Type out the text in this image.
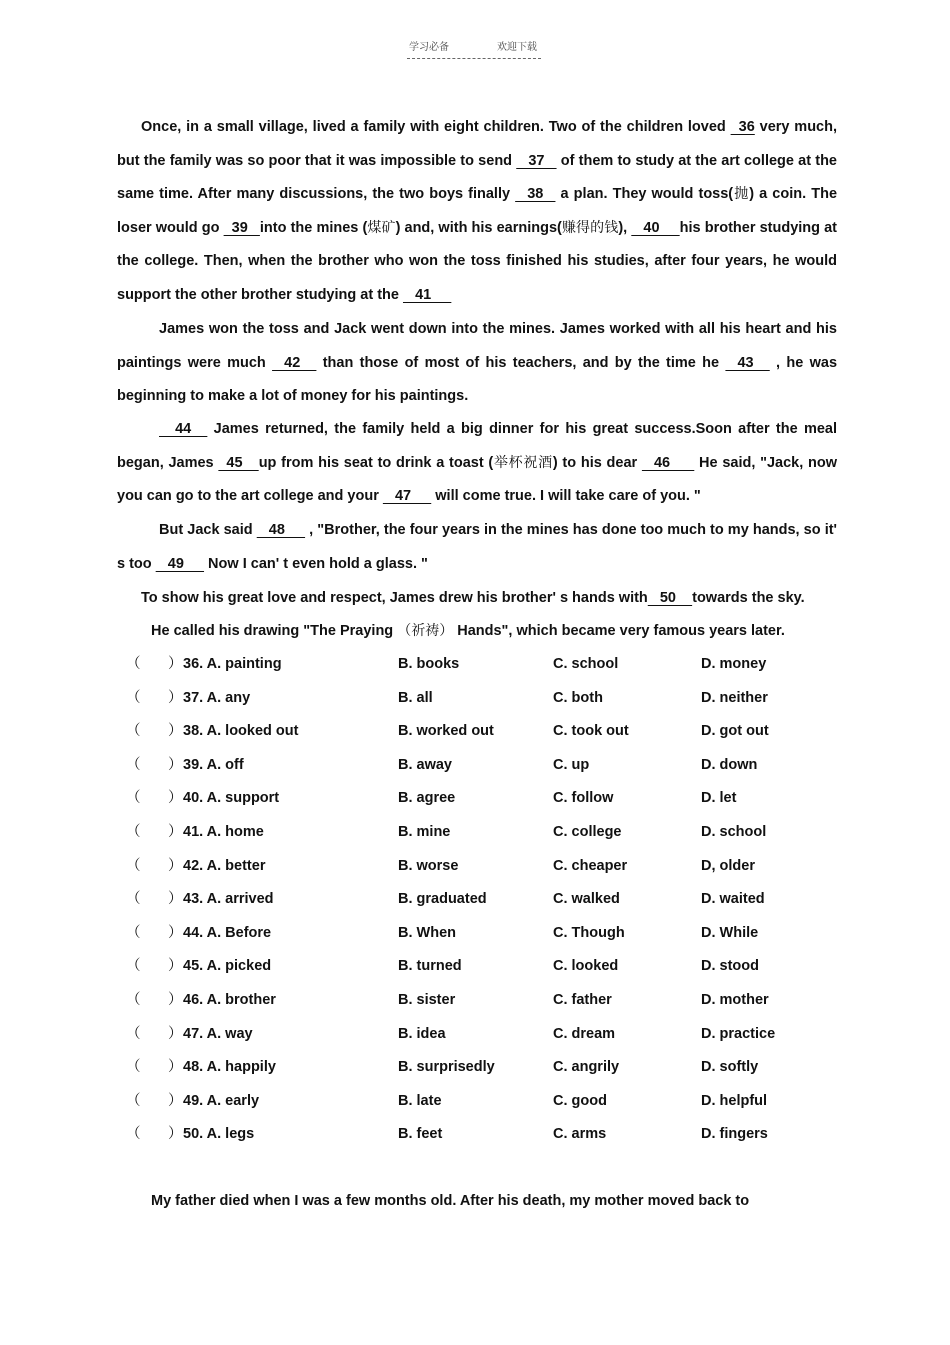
学习必备	欢迎下载
Once, in a small village, lived a family with eight children. Two of the children loved   36 very much, but the family was so poor that it was impossible to send    37    of them to study at the art college at the same time. After many discussions, the two boys finally    38    a plan. They would toss(抛) a coin. The loser would go   39   into the mines (煤矿) and, with his earnings(赚得的钱),    40     his brother studying at the college. Then, when the brother who won the toss finished his studies, after four years, he would support the other brother studying at the    41
James won the toss and Jack went down into the mines. James worked with all his heart and his paintings were much    42     than those of most of his teachers, and by the time he    43     , he was beginning to make a lot of money for his paintings.
44     James returned, the family held a big dinner for his great success.Soon after the meal began, James   45    up from his seat to drink a toast (举杯祝酒) to his dear    46       He said, "Jack, now you can go to the art college and your    47      will come true. I will take care of you. "
But Jack said    48      , "Brother, the four years in the mines has done too much to my hands, so it' s too    49      Now I can' t even hold a glass. "
To show his great love and respect, James drew his brother' s hands with   50    towards the sky.
He called his drawing "The Praying （祈祷） Hands", which became very famous years later.
（ ） 36. A. painting	B. books	C. school	D. money
（ ） 37. A. any	B. all	C. both	D. neither
（ ） 38. A. looked out	B. worked out	C. took out	D. got out
（ ） 39. A. off	B. away	C. up	D. down
（ ） 40. A. support	B. agree	C. follow	D. let
（ ） 41. A. home	B. mine	C. college	D. school
（ ） 42. A. better	B. worse	C. cheaper	D, older
（ ） 43. A. arrived	B. graduated	C. walked	D. waited
（ ） 44. A. Before	B. When	C. Though	D. While
（ ） 45. A. picked	B. turned	C. looked	D. stood
（ ） 46. A. brother	B. sister	C. father	D. mother
（ ） 47. A. way	B. idea	C. dream	D. practice
（ ） 48. A. happily	B. surprisedly	C. angrily	D. softly
（ ） 49. A. early	B. late	C. good	D. helpful
（ ） 50. A. legs	B. feet	C. arms	D. fingers
My father died when I was a few months old. After his death, my mother moved back to
